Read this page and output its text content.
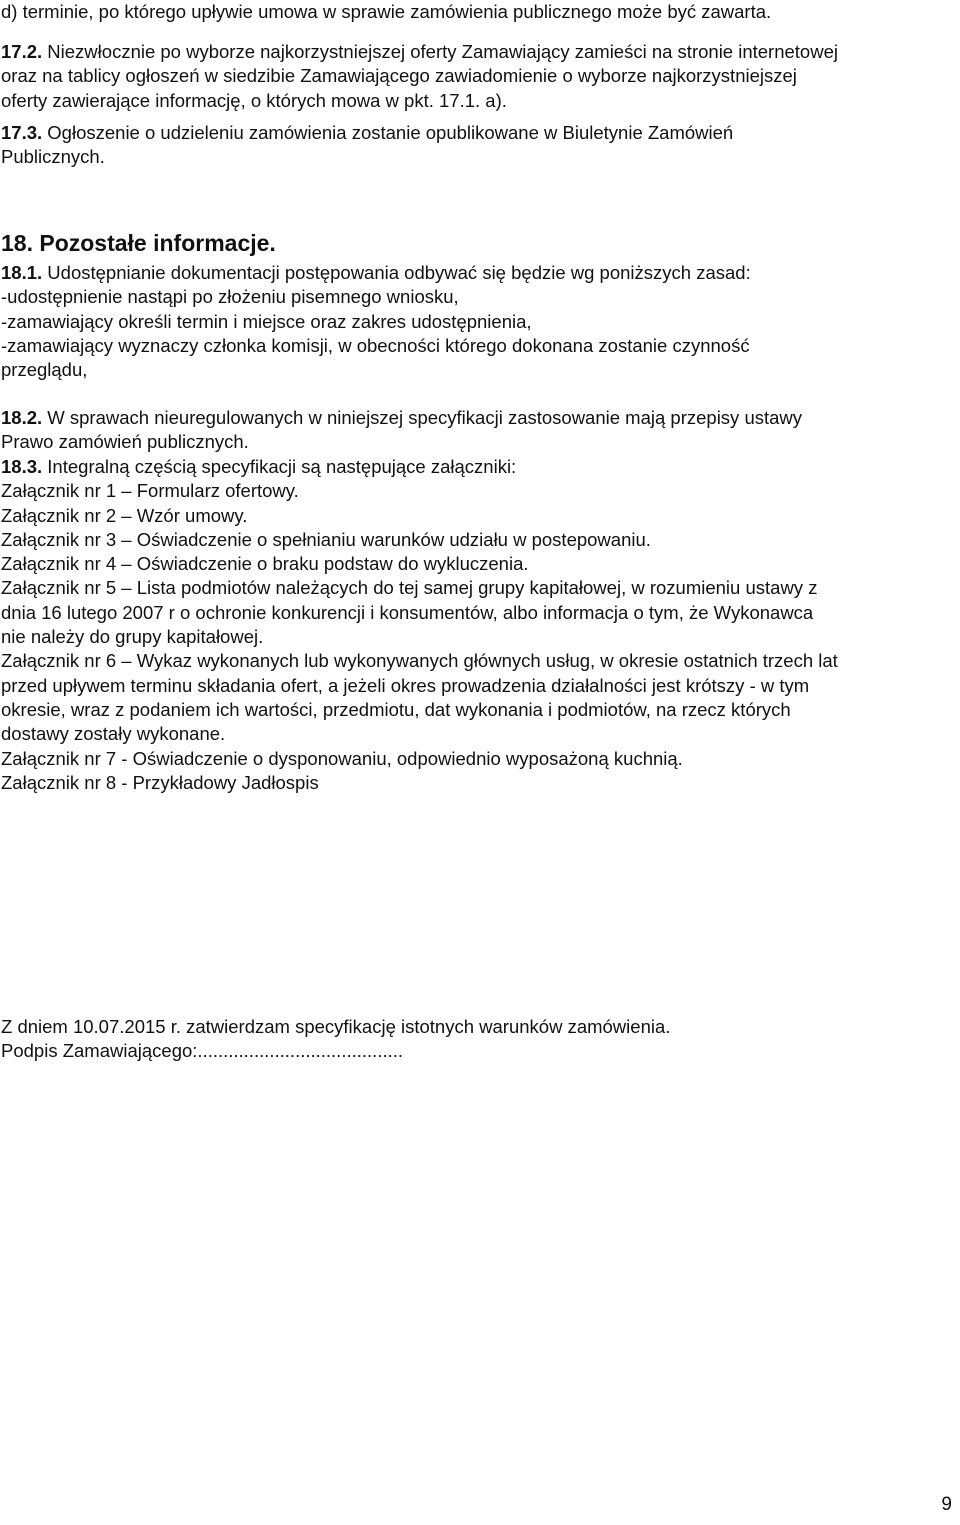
d) terminie, po którego upływie umowa w sprawie zamówienia publicznego może być zawarta.
17.2. Niezwłocznie po wyborze najkorzystniejszej oferty Zamawiający zamieści na stronie internetowej
oraz na tablicy ogłoszeń w siedzibie Zamawiającego zawiadomienie o wyborze najkorzystniejszej
oferty zawierające informację, o których mowa w pkt. 17.1. a).
17.3. Ogłoszenie o udzieleniu zamówienia zostanie opublikowane w Biuletynie Zamówień
Publicznych.
18. Pozostałe informacje.
18.1. Udostępnianie dokumentacji postępowania odbywać się będzie wg poniższych zasad:
-udostępnienie nastąpi po złożeniu pisemnego wniosku,
-zamawiający określi termin i miejsce oraz zakres udostępnienia,
-zamawiający wyznaczy członka komisji, w obecności którego dokonana zostanie czynność
przeglądu,
18.2. W sprawach nieuregulowanych w niniejszej specyfikacji zastosowanie mają przepisy ustawy
Prawo zamówień publicznych.
18.3. Integralną częścią specyfikacji są następujące załączniki:
Załącznik nr 1 – Formularz ofertowy.
Załącznik nr 2 – Wzór umowy.
Załącznik nr 3 – Oświadczenie o spełnianiu warunków udziału w postepowaniu.
Załącznik nr 4 – Oświadczenie o braku podstaw do wykluczenia.
Załącznik nr 5 – Lista podmiotów należących do tej samej grupy kapitałowej, w rozumieniu ustawy z
dnia 16 lutego 2007 r o ochronie konkurencji i konsumentów, albo informacja o tym, że Wykonawca
nie należy do grupy kapitałowej.
Załącznik nr 6 – Wykaz wykonanych lub wykonywanych głównych usług, w okresie ostatnich trzech lat
przed upływem terminu składania ofert, a jeżeli okres prowadzenia działalności jest krótszy - w tym
okresie, wraz z podaniem ich wartości, przedmiotu, dat wykonania i podmiotów, na rzecz których
dostawy zostały wykonane.
Załącznik nr 7 - Oświadczenie o dysponowaniu, odpowiednio wyposażoną kuchnią.
Załącznik nr 8 - Przykładowy Jadłospis
Z dniem 10.07.2015 r. zatwierdzam specyfikację istotnych warunków zamówienia.
Podpis Zamawiającego:........................................
9
